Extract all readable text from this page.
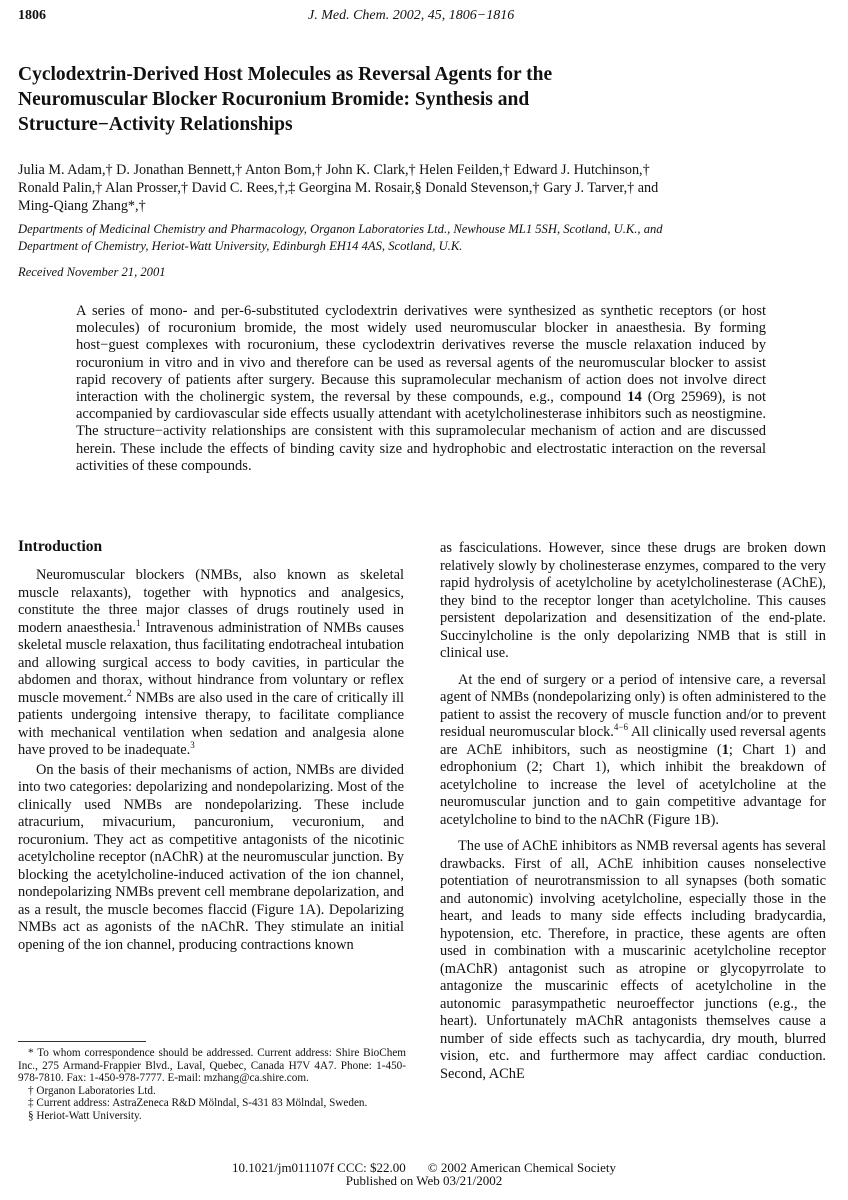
1806	J. Med. Chem. 2002, 45, 1806−1816
Cyclodextrin-Derived Host Molecules as Reversal Agents for the
Neuromuscular Blocker Rocuronium Bromide: Synthesis and
Structure−Activity Relationships
Julia M. Adam,† D. Jonathan Bennett,† Anton Bom,† John K. Clark,† Helen Feilden,† Edward J. Hutchinson,†
Ronald Palin,† Alan Prosser,† David C. Rees,†,‡ Georgina M. Rosair,§ Donald Stevenson,† Gary J. Tarver,† and
Ming-Qiang Zhang*,†
Departments of Medicinal Chemistry and Pharmacology, Organon Laboratories Ltd., Newhouse ML1 5SH, Scotland, U.K., and
Department of Chemistry, Heriot-Watt University, Edinburgh EH14 4AS, Scotland, U.K.
Received November 21, 2001
A series of mono- and per-6-substituted cyclodextrin derivatives were synthesized as synthetic receptors (or host molecules) of rocuronium bromide, the most widely used neuromuscular blocker in anaesthesia. By forming host−guest complexes with rocuronium, these cyclodextrin derivatives reverse the muscle relaxation induced by rocuronium in vitro and in vivo and therefore can be used as reversal agents of the neuromuscular blocker to assist rapid recovery of patients after surgery. Because this supramolecular mechanism of action does not involve direct interaction with the cholinergic system, the reversal by these compounds, e.g., compound 14 (Org 25969), is not accompanied by cardiovascular side effects usually attendant with acetylcholinesterase inhibitors such as neostigmine. The structure−activity relationships are consistent with this supramolecular mechanism of action and are discussed herein. These include the effects of binding cavity size and hydrophobic and electrostatic interaction on the reversal activities of these compounds.
Introduction

Neuromuscular blockers (NMBs, also known as skeletal muscle relaxants), together with hypnotics and analgesics, constitute the three major classes of drugs routinely used in modern anaesthesia.$^1$ Intravenous administration of NMBs causes skeletal muscle relaxation, thus facilitating endotracheal intubation and allowing surgical access to body cavities, in particular the abdomen and thorax, without hindrance from voluntary or reflex muscle movement.$^2$ NMBs are also used in the care of critically ill patients undergoing intensive therapy, to facilitate compliance with mechanical ventilation when sedation and analgesia alone have proved to be inadequate.$^3$

On the basis of their mechanisms of action, NMBs are divided into two categories: depolarizing and nondepolarizing. Most of the clinically used NMBs are nondepolarizing. These include atracurium, mivacurium, pancuronium, vecuronium, and rocuronium. They act as competitive antagonists of the nicotinic acetylcholine receptor (nAChR) at the neuromuscular junction. By blocking the acetylcholine-induced activation of the ion channel, nondepolarizing NMBs prevent cell membrane depolarization, and as a result, the muscle becomes flaccid (Figure 1A). Depolarizing NMBs act as agonists of the nAChR. They stimulate an initial opening of the ion channel, producing contractions known

as fasciculations. However, since these drugs are broken down relatively slowly by cholinesterase enzymes, compared to the very rapid hydrolysis of acetylcholine by acetylcholinesterase (AChE), they bind to the receptor longer than acetylcholine. This causes persistent depolarization and desensitization of the end-plate. Succinylcholine is the only depolarizing NMB that is still in clinical use.

At the end of surgery or a period of intensive care, a reversal agent of NMBs (nondepolarizing only) is often administered to the patient to assist the recovery of muscle function and/or to prevent residual neuromuscular block.$^{4-6}$ All clinically used reversal agents are AChE inhibitors, such as neostigmine (1; Chart 1) and edrophonium (2; Chart 1), which inhibit the breakdown of acetylcholine to increase the level of acetylcholine at the neuromuscular junction and to gain competitive advantage for acetylcholine to bind to the nAChR (Figure 1B).

The use of AChE inhibitors as NMB reversal agents has several drawbacks. First of all, AChE inhibition causes nonselective potentiation of neurotransmission to all synapses (both somatic and autonomic) involving acetylcholine, especially those in the heart, and leads to many side effects including bradycardia, hypotension, etc. Therefore, in practice, these agents are often used in combination with a muscarinic acetylcholine receptor (mAChR) antagonist such as atropine or glycopyrrolate to antagonize the muscarinic effects of acetylcholine in the autonomic parasympathetic neuroeffector junctions (e.g., the heart). Unfortunately mAChR antagonists themselves cause a number of side effects such as tachycardia, dry mouth, blurred vision, etc. and furthermore may affect cardiac conduction. Second, AChE

* To whom correspondence should be addressed. Current address: Shire BioChem Inc., 275 Armand-Frappier Blvd., Laval, Quebec, Canada H7V 4A7. Phone: 1-450-978-7810. Fax: 1-450-978-7777. E-mail: mzhang@ca.shire.com.

† Organon Laboratories Ltd.

‡ Current address: AstraZeneca R&D Mölndal, S-431 83 Mölndal, Sweden.

§ Heriot-Watt University.

10.1021/jm011107f CCC: $22.00 © 2002 American Chemical Society
Published on Web 03/21/2002
